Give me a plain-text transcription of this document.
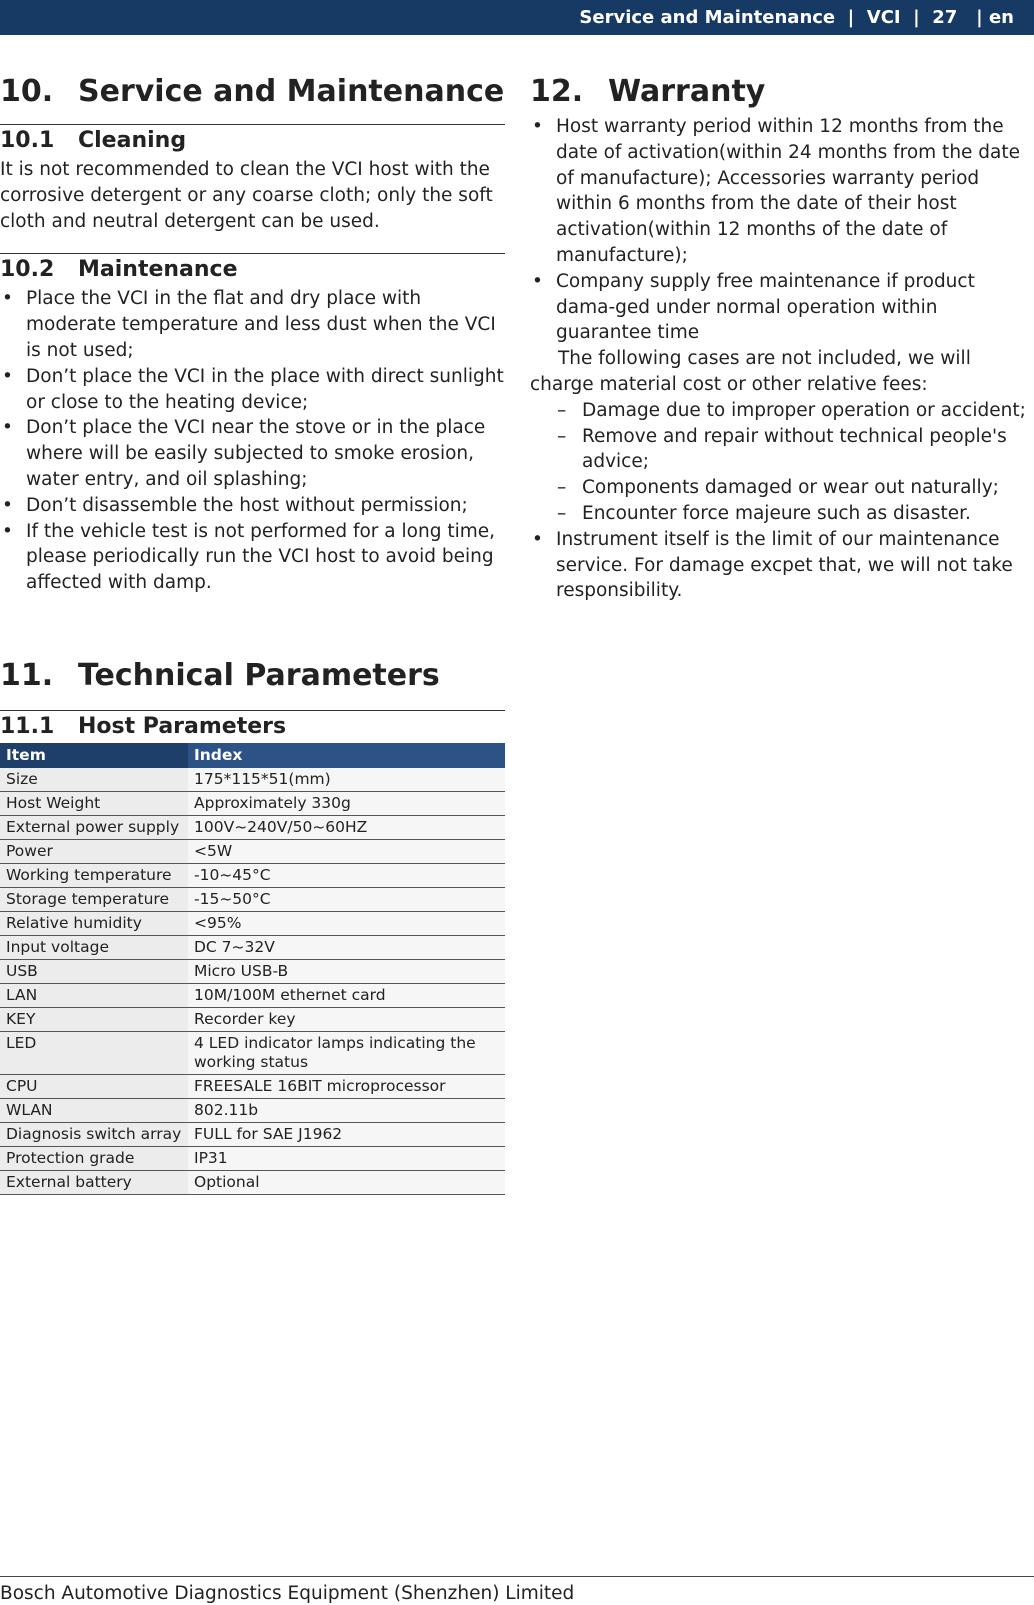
Service and Maintenance | VCI | 27 | en
10. Service and Maintenance
10.1	Cleaning

It is not recommended to clean the VCI host with the corrosive detergent or any coarse cloth; only the soft cloth and neutral detergent can be used.

10.2	Maintenance
• Place the VCI in the flat and dry place with moderate temperature and less dust when the VCI is not used;
• Don’t place the VCI in the place with direct sunlight or close to the heating device;
• Don’t place the VCI near the stove or in the place where will be easily subjected to smoke erosion, water entry, and oil splashing;
• Don’t disassemble the host without permission;
• If the vehicle test is not performed for a long time, please periodically run the VCI host to avoid being affected with damp.
11. Technical Parameters
11.1	Host Parameters
Item	Index
Size	175*115*51(mm)
Host Weight	Approximately 330g
External power supply	100V~240V/50~60HZ
Power	<5W
Working temperature	-10~45°C
Storage temperature	-15~50°C
Relative humidity	<95%
Input voltage	DC 7~32V
USB	Micro USB-B
LAN	10M/100M ethernet card
KEY	Recorder key
LED	4 LED indicator lamps indicating the working status
CPU	FREESALE 16BIT microprocessor
WLAN	802.11b
Diagnosis switch array	FULL for SAE J1962
Protection grade	IP31
External battery	Optional
12. Warranty
• Host warranty period within 12 months from the date of activation(within 24 months from the date of manufacture); Accessories warranty period within 6 months from the date of their host activation(within 12 months of the date of manufacture);
• Company supply free maintenance if product dama-ged under normal operation within guarantee time

The following cases are not included, we will charge material cost or other relative fees:

– Damage due to improper operation or accident;
– Remove and repair without technical people's advice;
– Components damaged or wear out naturally;
– Encounter force majeure such as disaster.
• Instrument itself is the limit of our maintenance service. For damage excpet that, we will not take responsibility.
Bosch Automotive Diagnostics Equipment (Shenzhen) Limited
